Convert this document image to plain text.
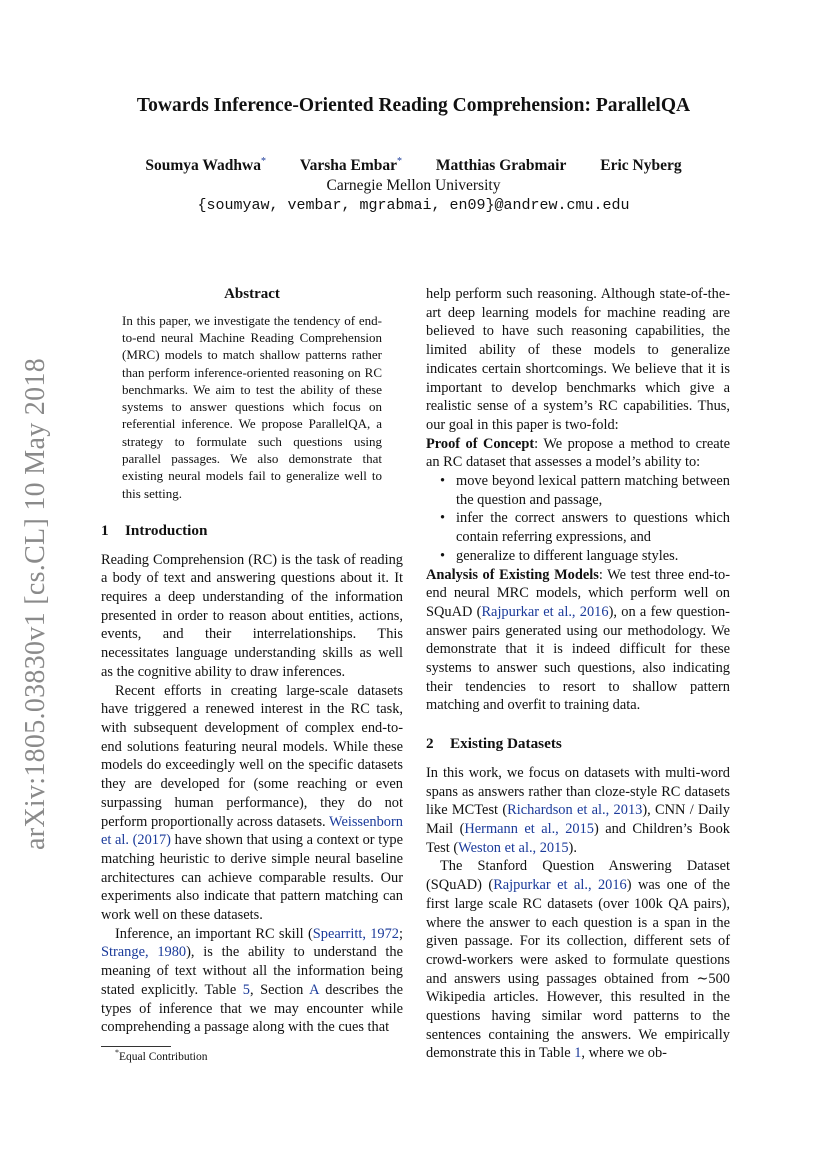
arXiv:1805.03830v1 [cs.CL] 10 May 2018
Towards Inference-Oriented Reading Comprehension: ParallelQA
Soumya Wadhwa* Varsha Embar* Matthias Grabmair Eric Nyberg
Carnegie Mellon University
{soumyaw, vembar, mgrabmai, en09}@andrew.cmu.edu
Abstract
In this paper, we investigate the tendency of end-to-end neural Machine Reading Comprehension (MRC) models to match shallow patterns rather than perform inference-oriented reasoning on RC benchmarks. We aim to test the ability of these systems to answer questions which focus on referential inference. We propose ParallelQA, a strategy to formulate such questions using parallel passages. We also demonstrate that existing neural models fail to generalize well to this setting.
1 Introduction

Reading Comprehension (RC) is the task of reading a body of text and answering questions about it. It requires a deep understanding of the information presented in order to reason about entities, actions, events, and their interrelationships. This necessitates language understanding skills as well as the cognitive ability to draw inferences.

Recent efforts in creating large-scale datasets have triggered a renewed interest in the RC task, with subsequent development of complex end-to-end solutions featuring neural models. While these models do exceedingly well on the specific datasets they are developed for (some reaching or even surpassing human performance), they do not perform proportionally across datasets. Weissenborn et al. (2017) have shown that using a context or type matching heuristic to derive simple neural baseline architectures can achieve comparable results. Our experiments also indicate that pattern matching can work well on these datasets.

Inference, an important RC skill (Spearritt, 1972; Strange, 1980), is the ability to understand the meaning of text without all the information being stated explicitly. Table 5, Section A describes the types of inference that we may encounter while comprehending a passage along with the cues that

help perform such reasoning. Although state-of-the-art deep learning models for machine reading are believed to have such reasoning capabilities, the limited ability of these models to generalize indicates certain shortcomings. We believe that it is important to develop benchmarks which give a realistic sense of a system’s RC capabilities. Thus, our goal in this paper is two-fold:

Proof of Concept: We propose a method to create an RC dataset that assesses a model’s ability to:

• move beyond lexical pattern matching between the question and passage,
• infer the correct answers to questions which contain referring expressions, and
• generalize to different language styles.

Analysis of Existing Models: We test three end-to-end neural MRC models, which perform well on SQuAD (Rajpurkar et al., 2016), on a few question-answer pairs generated using our methodology. We demonstrate that it is indeed difficult for these systems to answer such questions, also indicating their tendencies to resort to shallow pattern matching and overfit to training data.

2 Existing Datasets

In this work, we focus on datasets with multi-word spans as answers rather than cloze-style RC datasets like MCTest (Richardson et al., 2013), CNN / Daily Mail (Hermann et al., 2015) and Children’s Book Test (Weston et al., 2015).

The Stanford Question Answering Dataset (SQuAD) (Rajpurkar et al., 2016) was one of the first large scale RC datasets (over 100k QA pairs), where the answer to each question is a span in the given passage. For its collection, different sets of crowd-workers were asked to formulate questions and answers using passages obtained from ∼500 Wikipedia articles. However, this resulted in the questions having similar word patterns to the sentences containing the answers. We empirically demonstrate this in Table 1, where we ob-

*Equal Contribution
